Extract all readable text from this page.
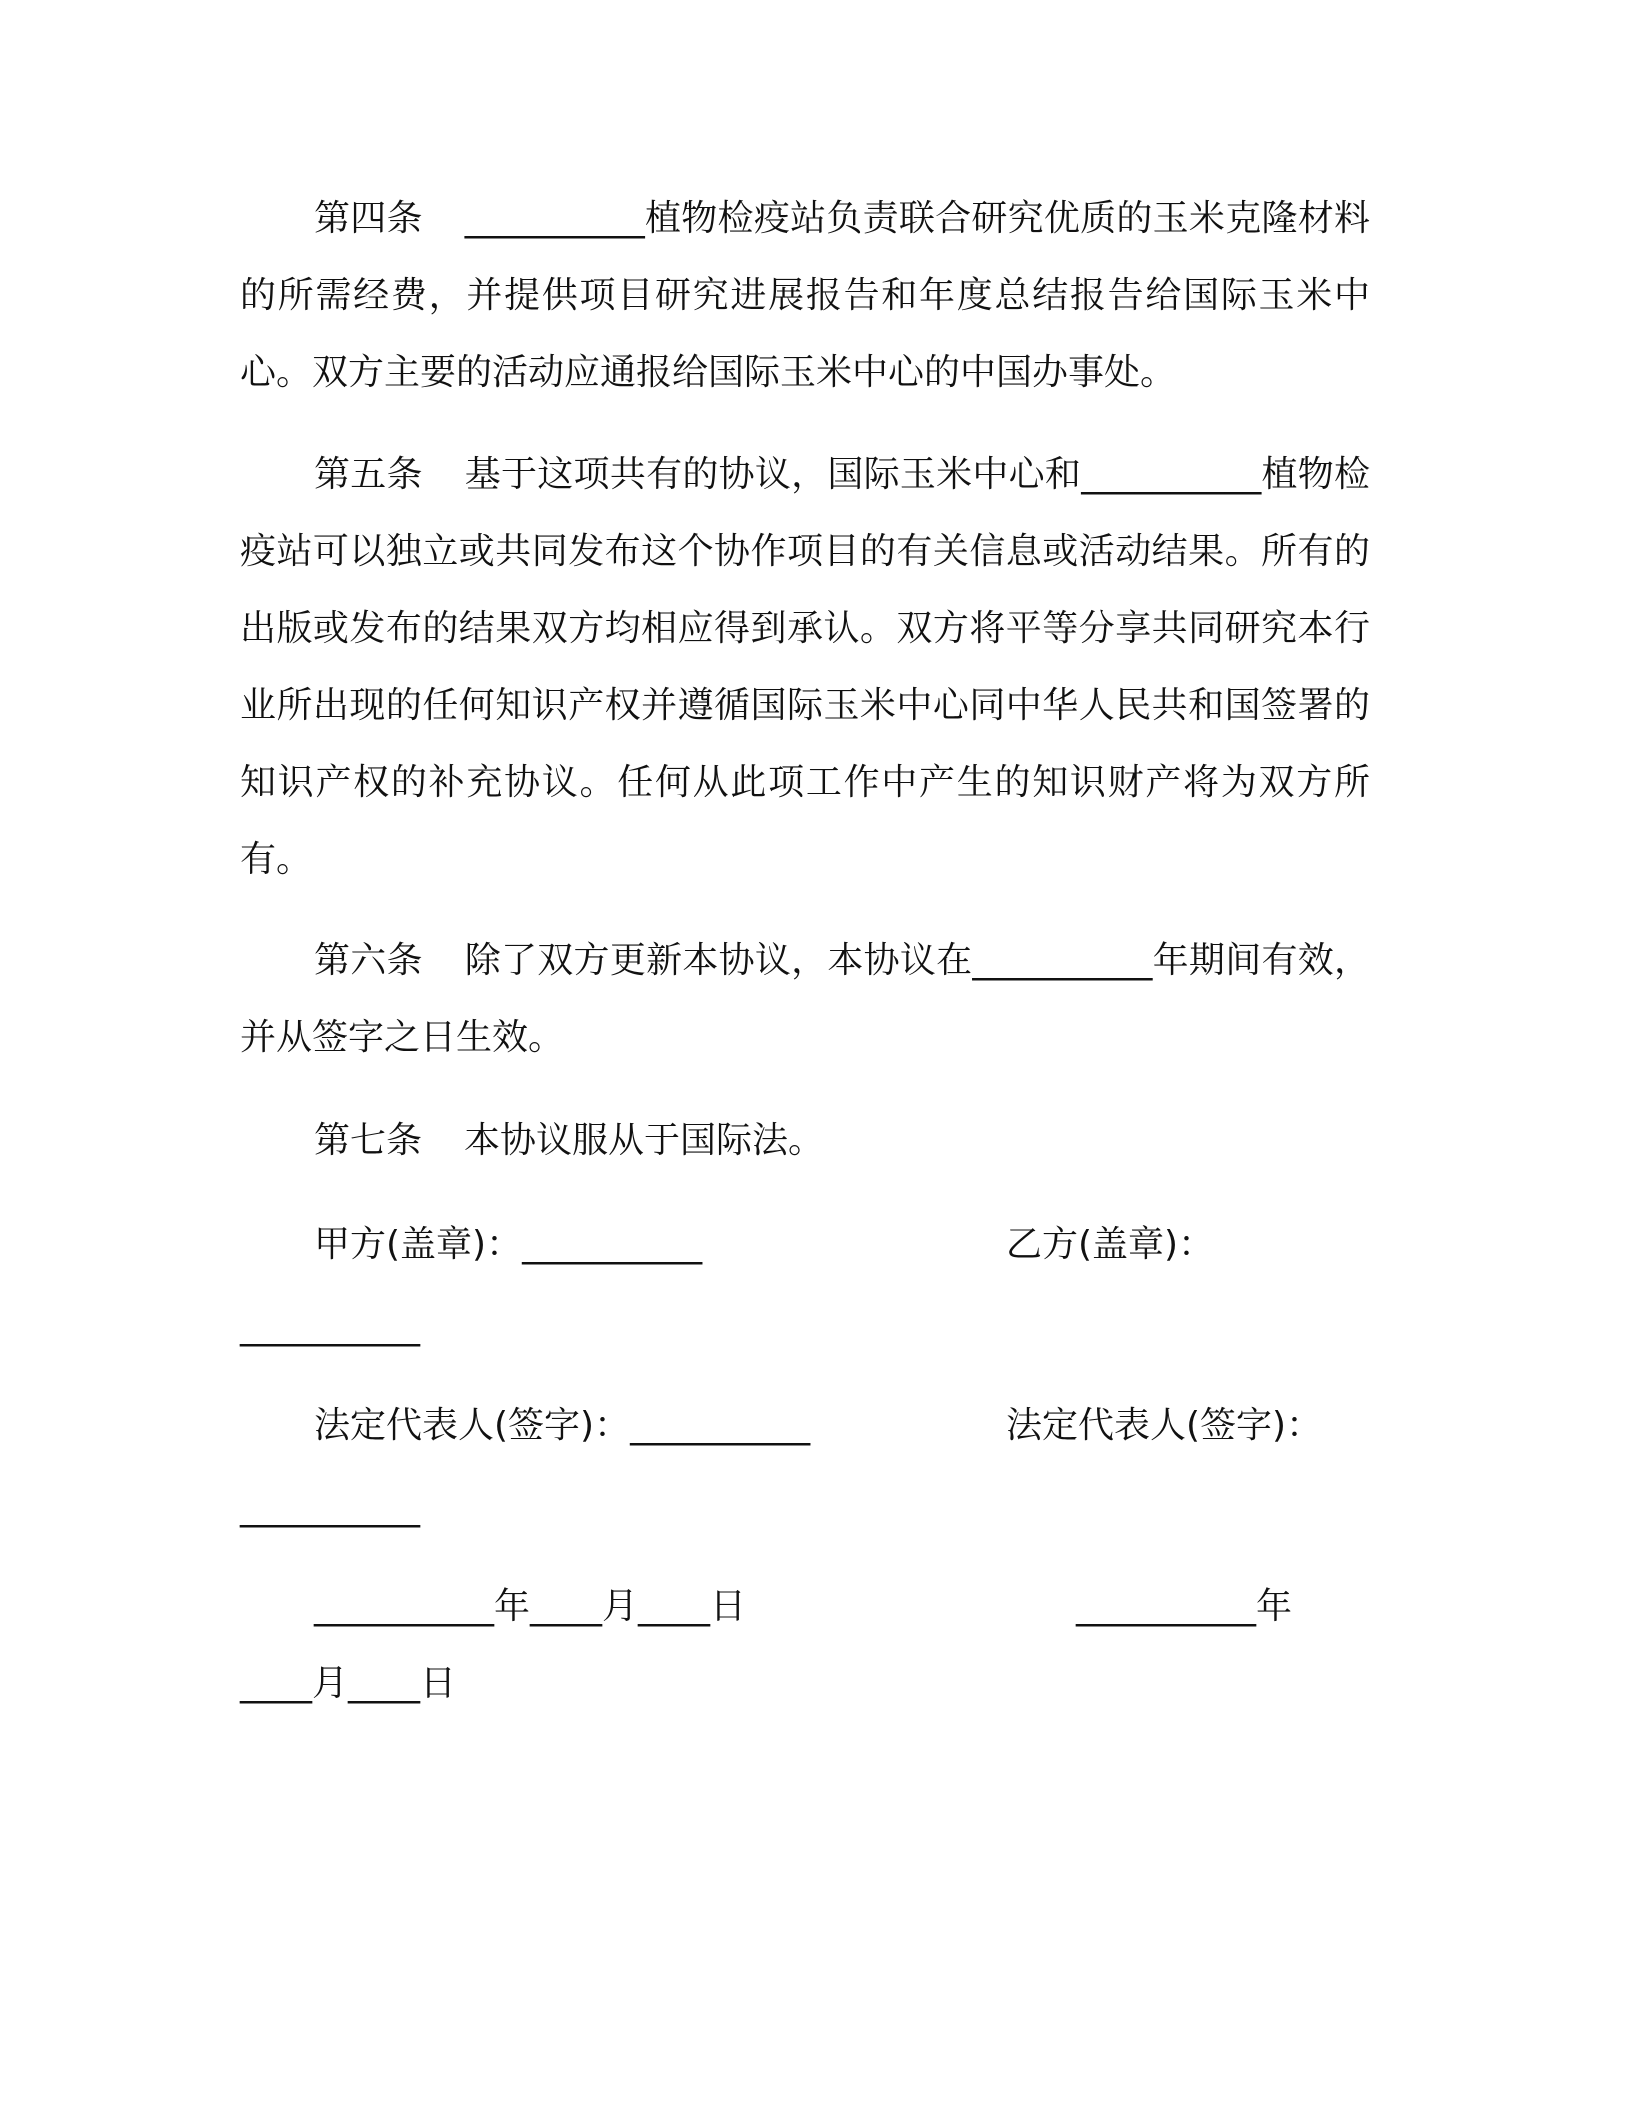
第四条 __________植物检疫站负责联合研究优质的玉米克隆材料的所需经费，并提供项目研究进展报告和年度总结报告给国际玉米中心。双方主要的活动应通报给国际玉米中心的中国办事处。

第五条 基于这项共有的协议，国际玉米中心和__________植物检疫站可以独立或共同发布这个协作项目的有关信息或活动结果。所有的出版或发布的结果双方均相应得到承认。双方将平等分享共同研究本行业所出现的任何知识产权并遵循国际玉米中心同中华人民共和国签署的知识产权的补充协议。任何从此项工作中产生的知识财产将为双方所有。

第六条 除了双方更新本协议，本协议在__________年期间有效，并从签字之日生效。

第七条 本协议服从于国际法。

甲方(盖章)：__________	乙方(盖章)：

__________

法定代表人(签字)：__________	法定代表人(签字)：

__________

__________年____月____日	__________年

____月____日
